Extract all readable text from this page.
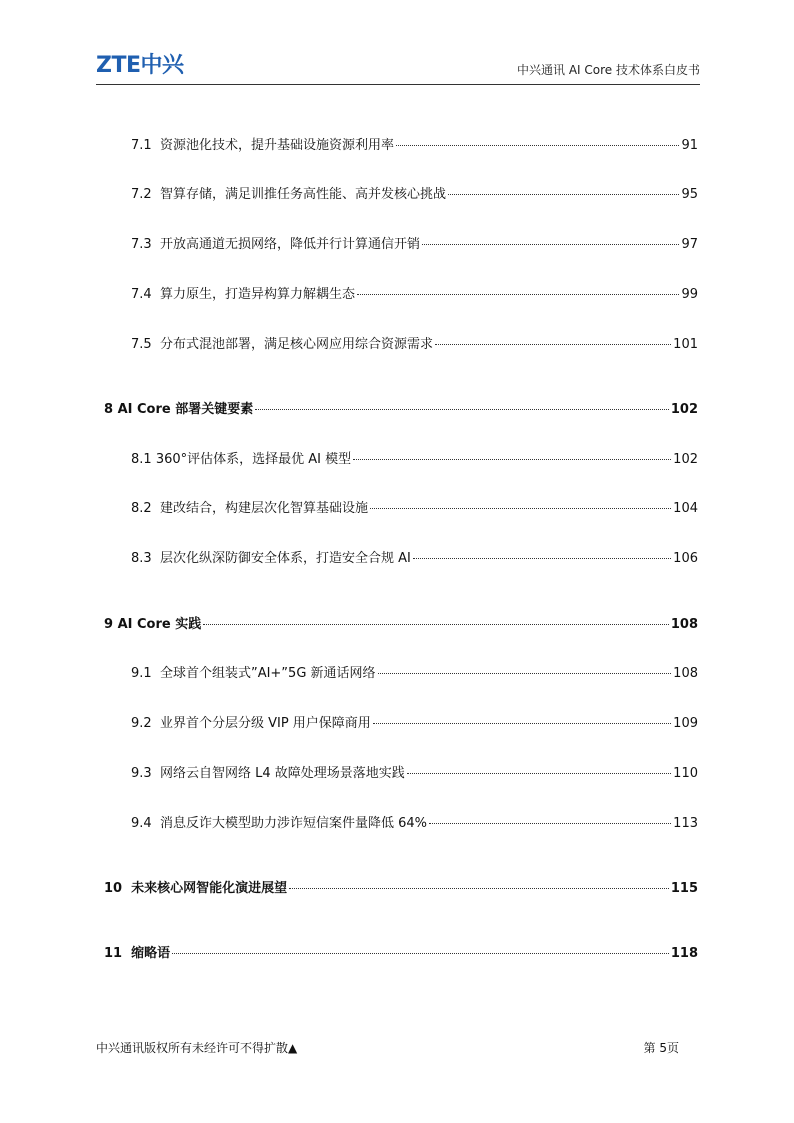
ZTE中兴	中兴通讯 AI Core 技术体系白皮书
7.1 资源池化技术，提升基础设施资源利用率	91
7.2 智算存储，满足训推任务高性能、高并发核心挑战	95
7.3 开放高通道无损网络，降低并行计算通信开销	97
7.4 算力原生，打造异构算力解耦生态	99
7.5 分布式混池部署，满足核心网应用综合资源需求	101
8 AI Core 部署关键要素	102
8.1 360°评估体系，选择最优 AI 模型	102
8.2 建改结合，构建层次化智算基础设施	104
8.3 层次化纵深防御安全体系，打造安全合规 AI	106
9 AI Core 实践	108
9.1 全球首个组装式”AI+”5G 新通话网络	108
9.2 业界首个分层分级 VIP 用户保障商用	109
9.3 网络云自智网络 L4 故障处理场景落地实践	110
9.4 消息反诈大模型助力涉诈短信案件量降低 64%	113
10 未来核心网智能化演进展望	115
11 缩略语	118
中兴通讯版权所有未经许可不得扩散▲	第 5页
